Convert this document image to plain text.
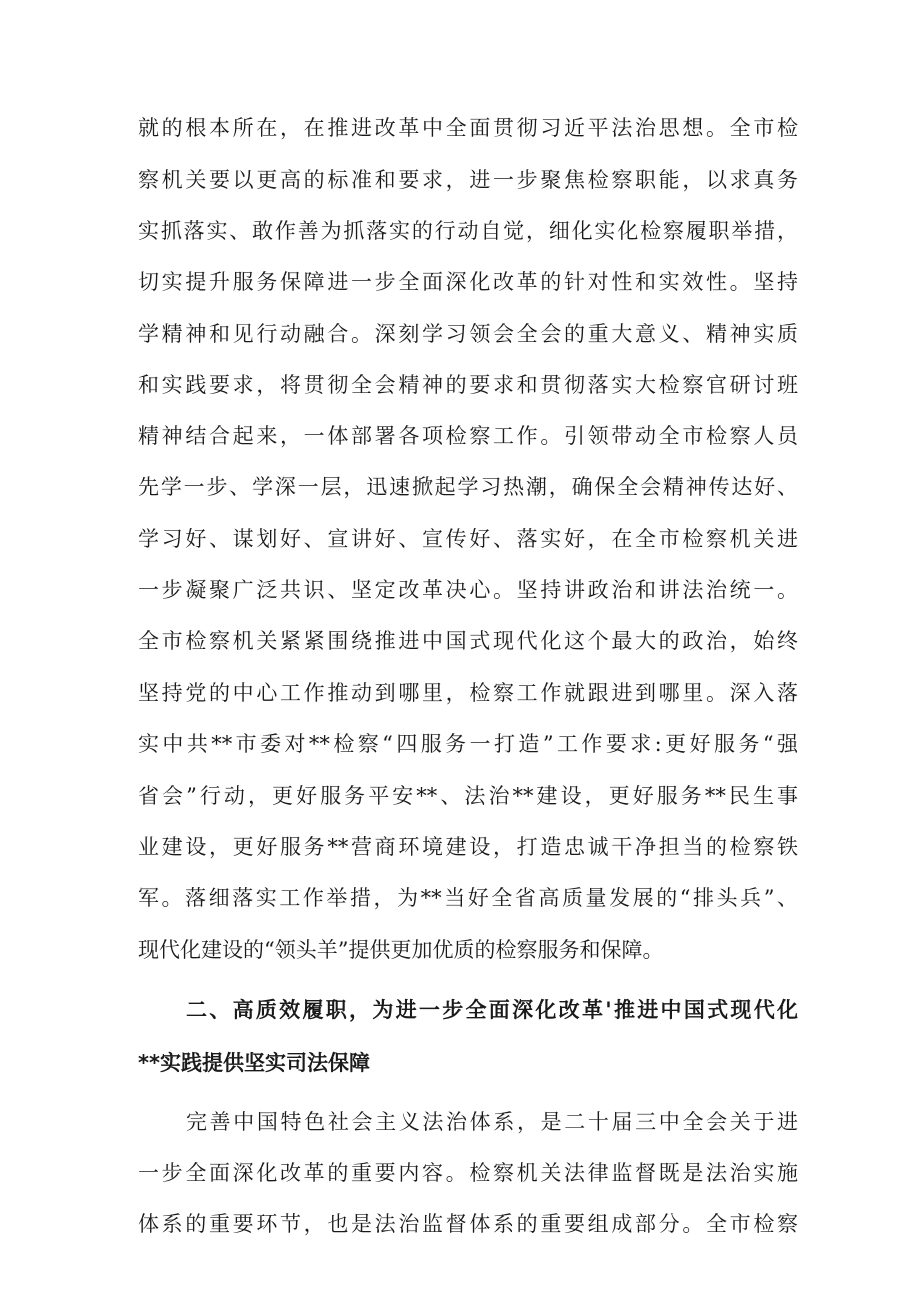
就的根本所在，在推进改革中全面贯彻习近平法治思想。全市检
察机关要以更高的标准和要求，进一步聚焦检察职能，以求真务
实抓落实、敢作善为抓落实的行动自觉，细化实化检察履职举措，
切实提升服务保障进一步全面深化改革的针对性和实效性。坚持
学精神和见行动融合。深刻学习领会全会的重大意义、精神实质
和实践要求，将贯彻全会精神的要求和贯彻落实大检察官研讨班
精神结合起来，一体部署各项检察工作。引领带动全市检察人员
先学一步、学深一层，迅速掀起学习热潮，确保全会精神传达好、
学习好、谋划好、宣讲好、宣传好、落实好，在全市检察机关进
一步凝聚广泛共识、坚定改革决心。坚持讲政治和讲法治统一。
全市检察机关紧紧围绕推进中国式现代化这个最大的政治，始终
坚持党的中心工作推动到哪里，检察工作就跟进到哪里。深入落
实中共**市委对**检察“四服务一打造”工作要求:更好服务“强
省会”行动，更好服务平安**、法治**建设，更好服务**民生事
业建设，更好服务**营商环境建设，打造忠诚干净担当的检察铁
军。落细落实工作举措，为**当好全省高质量发展的“排头兵”、
现代化建设的“领头羊”提供更加优质的检察服务和保障。
二、高质效履职，为进一步全面深化改革'推进中国式现代化
**实践提供坚实司法保障
完善中国特色社会主义法治体系，是二十届三中全会关于进
一步全面深化改革的重要内容。检察机关法律监督既是法治实施
体系的重要环节，也是法治监督体系的重要组成部分。全市检察
